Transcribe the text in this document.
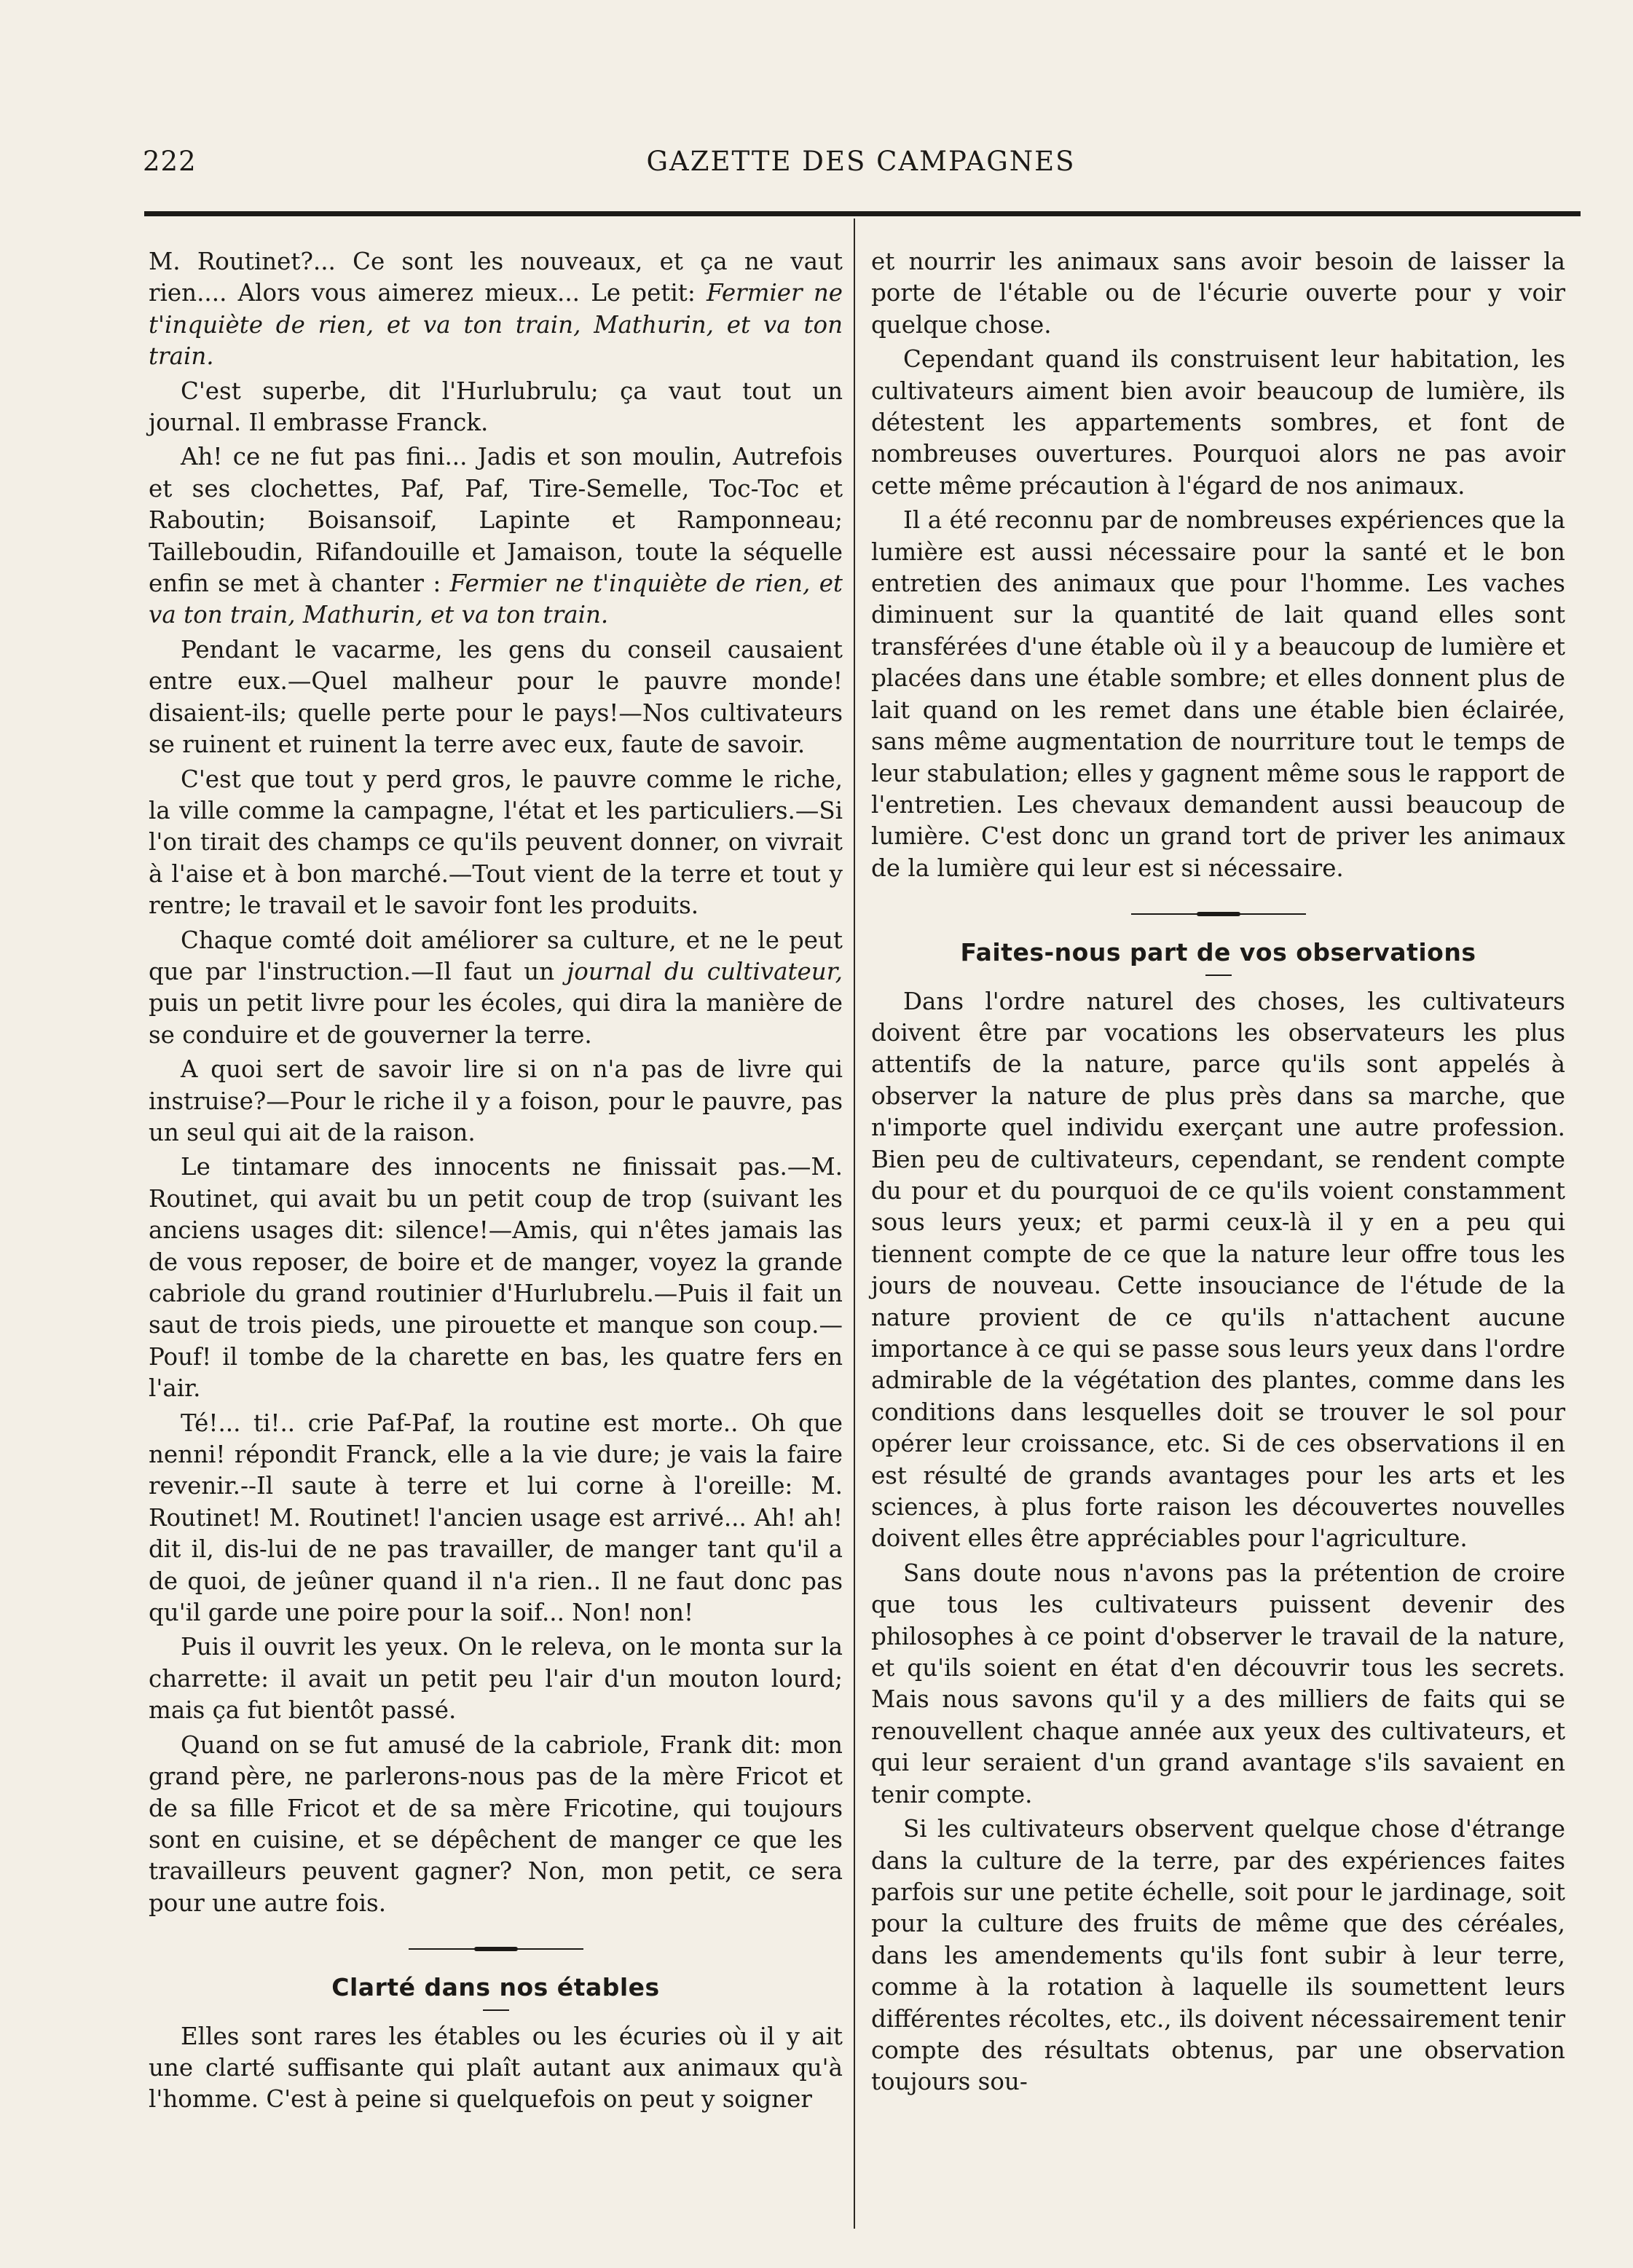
222	GAZETTE DES CAMPAGNES

M. Routinet?... Ce sont les nouveaux, et ça ne vaut rien.... Alors vous aimerez mieux... Le petit: Fermier ne t'inquiète de rien, et va ton train, Mathurin, et va ton train.

C'est superbe, dit l'Hurlubrulu; ça vaut tout un journal. Il embrasse Franck.

Ah! ce ne fut pas fini... Jadis et son moulin, Autrefois et ses clochettes, Paf, Paf, Tire-Semelle, Toc-Toc et Raboutin; Boisansoif, Lapinte et Ramponneau; Tailleboudin, Rifandouille et Jamaison, toute la séquelle enfin se met à chanter : Fermier ne t'inquiète de rien, et va ton train, Mathurin, et va ton train.

Pendant le vacarme, les gens du conseil causaient entre eux.—Quel malheur pour le pauvre monde! disaient-ils; quelle perte pour le pays!—Nos cultivateurs se ruinent et ruinent la terre avec eux, faute de savoir.

C'est que tout y perd gros, le pauvre comme le riche, la ville comme la campagne, l'état et les particuliers.—Si l'on tirait des champs ce qu'ils peuvent donner, on vivrait à l'aise et à bon marché.—Tout vient de la terre et tout y rentre; le travail et le savoir font les produits.

Chaque comté doit améliorer sa culture, et ne le peut que par l'instruction.—Il faut un journal du cultivateur, puis un petit livre pour les écoles, qui dira la manière de se conduire et de gouverner la terre.

A quoi sert de savoir lire si on n'a pas de livre qui instruise?—Pour le riche il y a foison, pour le pauvre, pas un seul qui ait de la raison.

Le tintamare des innocents ne finissait pas.—M. Routinet, qui avait bu un petit coup de trop (suivant les anciens usages dit: silence!—Amis, qui n'êtes jamais las de vous reposer, de boire et de manger, voyez la grande cabriole du grand routinier d'Hurlubrelu.—Puis il fait un saut de trois pieds, une pirouette et manque son coup.—Pouf! il tombe de la charette en bas, les quatre fers en l'air.

Té!... ti!.. crie Paf-Paf, la routine est morte.. Oh que nenni! répondit Franck, elle a la vie dure; je vais la faire revenir.--Il saute à terre et lui corne à l'oreille: M. Routinet! M. Routinet! l'ancien usage est arrivé... Ah! ah! dit il, dis-lui de ne pas travailler, de manger tant qu'il a de quoi, de jeûner quand il n'a rien.. Il ne faut donc pas qu'il garde une poire pour la soif... Non! non!

Puis il ouvrit les yeux. On le releva, on le monta sur la charrette: il avait un petit peu l'air d'un mouton lourd; mais ça fut bientôt passé.

Quand on se fut amusé de la cabriole, Frank dit: mon grand père, ne parlerons-nous pas de la mère Fricot et de sa fille Fricot et de sa mère Fricotine, qui toujours sont en cuisine, et se dépêchent de manger ce que les travailleurs peuvent gagner? Non, mon petit, ce sera pour une autre fois.

Clarté dans nos étables

Elles sont rares les étables ou les écuries où il y ait une clarté suffisante qui plaît autant aux animaux qu'à l'homme. C'est à peine si quelquefois on peut y soigner

et nourrir les animaux sans avoir besoin de laisser la porte de l'étable ou de l'écurie ouverte pour y voir quelque chose.

Cependant quand ils construisent leur habitation, les cultivateurs aiment bien avoir beaucoup de lumière, ils détestent les appartements sombres, et font de nombreuses ouvertures. Pourquoi alors ne pas avoir cette même précaution à l'égard de nos animaux.

Il a été reconnu par de nombreuses expériences que la lumière est aussi nécessaire pour la santé et le bon entretien des animaux que pour l'homme. Les vaches diminuent sur la quantité de lait quand elles sont transférées d'une étable où il y a beaucoup de lumière et placées dans une étable sombre; et elles donnent plus de lait quand on les remet dans une étable bien éclairée, sans même augmentation de nourriture tout le temps de leur stabulation; elles y gagnent même sous le rapport de l'entretien. Les chevaux demandent aussi beaucoup de lumière. C'est donc un grand tort de priver les animaux de la lumière qui leur est si nécessaire.

Faites-nous part de vos observations

Dans l'ordre naturel des choses, les cultivateurs doivent être par vocations les observateurs les plus attentifs de la nature, parce qu'ils sont appelés à observer la nature de plus près dans sa marche, que n'importe quel individu exerçant une autre profession. Bien peu de cultivateurs, cependant, se rendent compte du pour et du pourquoi de ce qu'ils voient constamment sous leurs yeux; et parmi ceux-là il y en a peu qui tiennent compte de ce que la nature leur offre tous les jours de nouveau. Cette insouciance de l'étude de la nature provient de ce qu'ils n'attachent aucune importance à ce qui se passe sous leurs yeux dans l'ordre admirable de la végétation des plantes, comme dans les conditions dans lesquelles doit se trouver le sol pour opérer leur croissance, etc. Si de ces observations il en est résulté de grands avantages pour les arts et les sciences, à plus forte raison les découvertes nouvelles doivent elles être appréciables pour l'agriculture.

Sans doute nous n'avons pas la prétention de croire que tous les cultivateurs puissent devenir des philosophes à ce point d'observer le travail de la nature, et qu'ils soient en état d'en découvrir tous les secrets. Mais nous savons qu'il y a des milliers de faits qui se renouvellent chaque année aux yeux des cultivateurs, et qui leur seraient d'un grand avantage s'ils savaient en tenir compte.

Si les cultivateurs observent quelque chose d'étrange dans la culture de la terre, par des expériences faites parfois sur une petite échelle, soit pour le jardinage, soit pour la culture des fruits de même que des céréales, dans les amendements qu'ils font subir à leur terre, comme à la rotation à laquelle ils soumettent leurs différentes récoltes, etc., ils doivent nécessairement tenir compte des résultats obtenus, par une observation toujours sou-
